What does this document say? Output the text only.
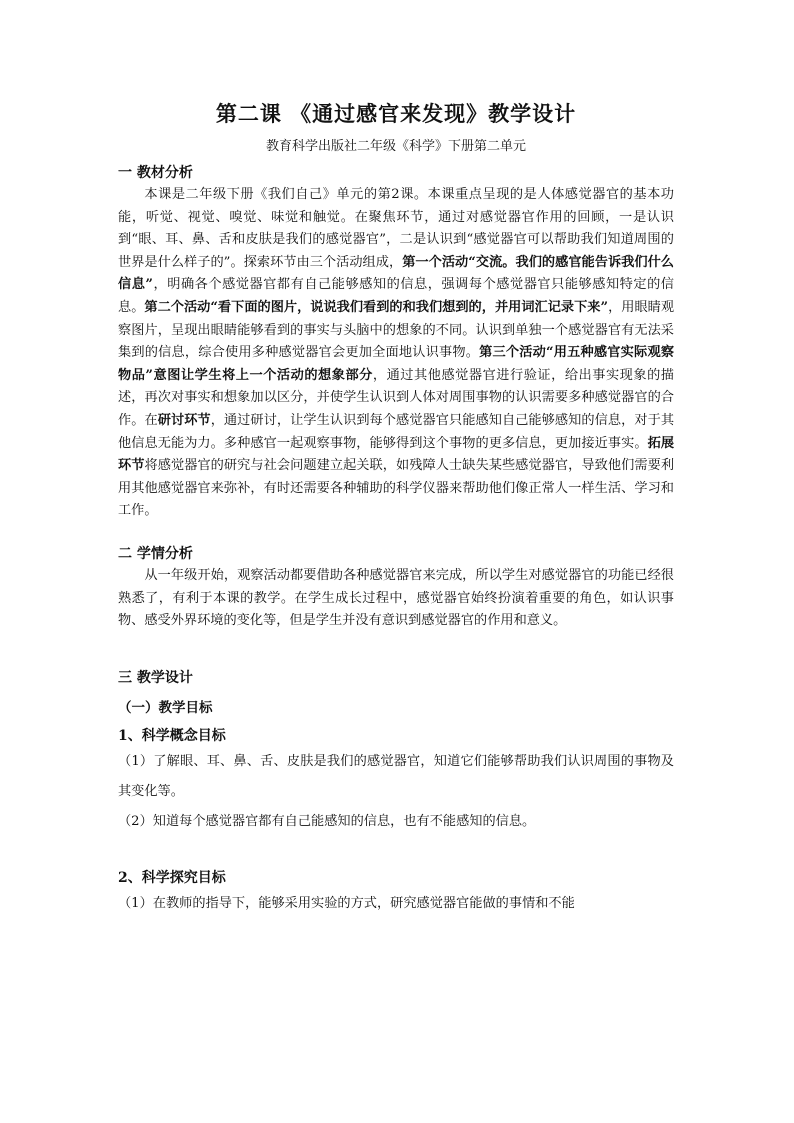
第二课 《通过感官来发现》教学设计
教育科学出版社二年级《科学》下册第二单元
一 教材分析

本课是二年级下册《我们自己》单元的第2课。本课重点呈现的是人体感觉器官的基本功能，听觉、视觉、嗅觉、味觉和触觉。在聚焦环节，通过对感觉器官作用的回顾，一是认识到“眼、耳、鼻、舌和皮肤是我们的感觉器官”，二是认识到“感觉器官可以帮助我们知道周围的世界是什么样子的”。探索环节由三个活动组成，第一个活动“交流。我们的感官能告诉我们什么信息”，明确各个感觉器官都有自己能够感知的信息，强调每个感觉器官只能够感知特定的信息。第二个活动“看下面的图片，说说我们看到的和我们想到的，并用词汇记录下来”，用眼睛观察图片，呈现出眼睛能够看到的事实与头脑中的想象的不同。认识到单独一个感觉器官有无法采集到的信息，综合使用多种感觉器官会更加全面地认识事物。第三个活动“用五种感官实际观察物品”意图让学生将上一个活动的想象部分，通过其他感觉器官进行验证，给出事实现象的描述，再次对事实和想象加以区分，并使学生认识到人体对周围事物的认识需要多种感觉器官的合作。在研讨环节，通过研讨，让学生认识到每个感觉器官只能感知自己能够感知的信息，对于其他信息无能为力。多种感官一起观察事物，能够得到这个事物的更多信息，更加接近事实。拓展环节将感觉器官的研究与社会问题建立起关联，如残障人士缺失某些感觉器官，导致他们需要利用其他感觉器官来弥补，有时还需要各种辅助的科学仪器来帮助他们像正常人一样生活、学习和工作。

二 学情分析

从一年级开始，观察活动都要借助各种感觉器官来完成，所以学生对感觉器官的功能已经很熟悉了，有利于本课的教学。在学生成长过程中，感觉器官始终扮演着重要的角色，如认识事物、感受外界环境的变化等，但是学生并没有意识到感觉器官的作用和意义。

三 教学设计
（一）教学目标
1、科学概念目标

（1）了解眼、耳、鼻、舌、皮肤是我们的感觉器官，知道它们能够帮助我们认识周围的事物及其变化等。

（2）知道每个感觉器官都有自己能感知的信息，也有不能感知的信息。

2、科学探究目标

（1）在教师的指导下，能够采用实验的方式，研究感觉器官能做的事情和不能
